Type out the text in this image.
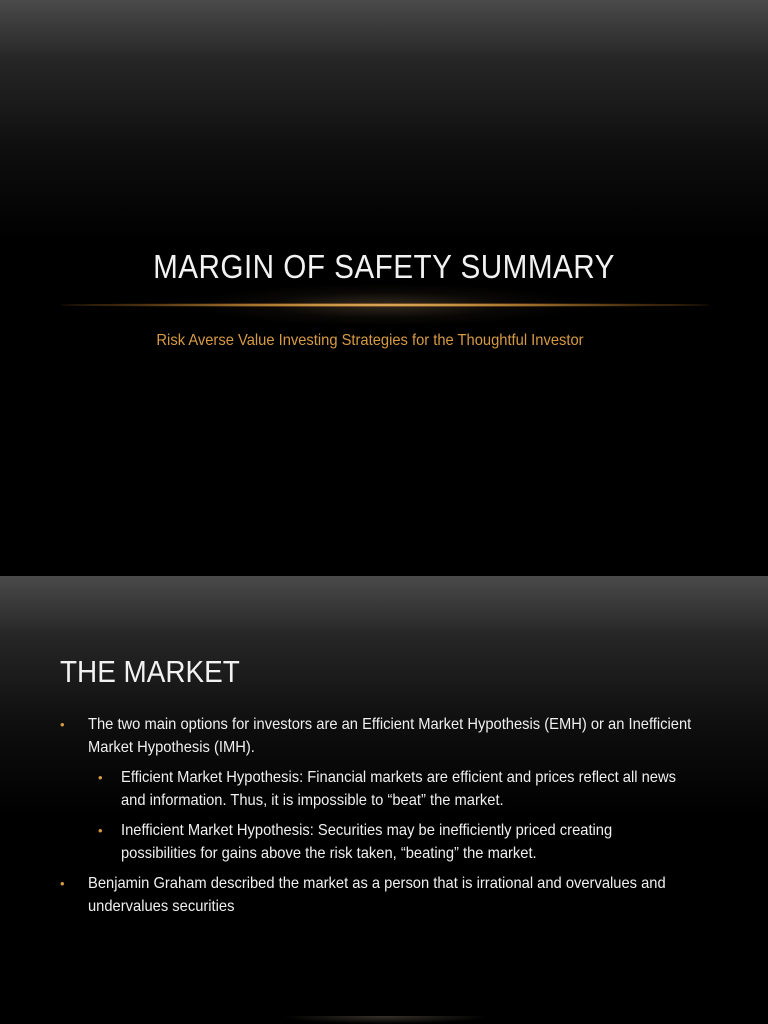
MARGIN OF SAFETY SUMMARY

Risk Averse Value Investing Strategies for the Thoughtful Investor

THE MARKET
• The two main options for investors are an Efficient Market Hypothesis (EMH) or an Inefficient Market Hypothesis (IMH).
• Efficient Market Hypothesis: Financial markets are efficient and prices reflect all news and information. Thus, it is impossible to “beat” the market.
• Inefficient Market Hypothesis: Securities may be inefficiently priced creating possibilities for gains above the risk taken, “beating” the market.
• Benjamin Graham described the market as a person that is irrational and overvalues and undervalues securities
